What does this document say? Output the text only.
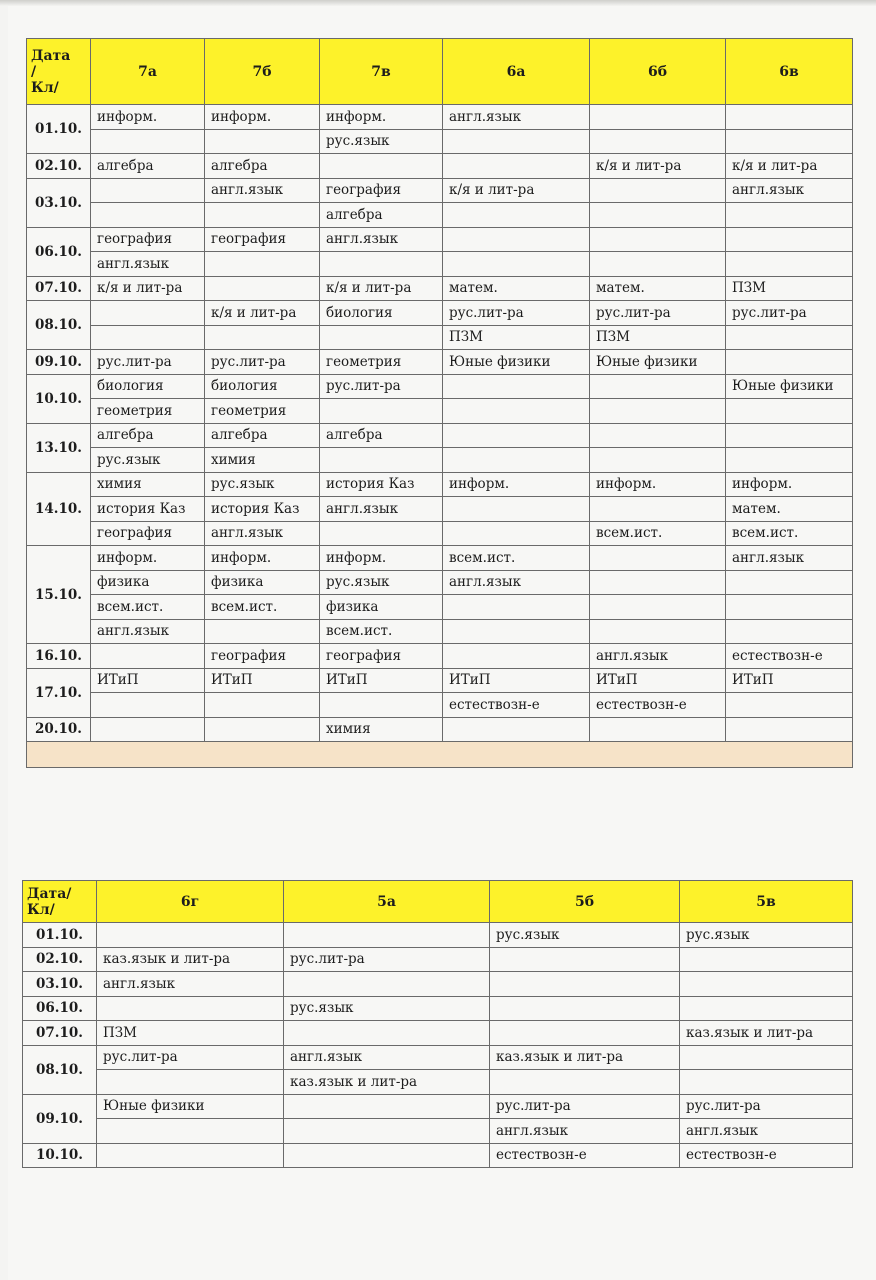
Дата
/
Кл/	7а	7б	7в	6а	6б	6в
01.10.	информ.	информ.	информ.	англ.язык		
			рус.язык			
02.10.	алгебра	алгебра			к/я и лит-ра	к/я и лит-ра
03.10.		англ.язык	география	к/я и лит-ра		англ.язык
			алгебра			
06.10.	география	география	англ.язык			
	англ.язык					
07.10.	к/я и лит-ра		к/я и лит-ра	матем.	матем.	ПЗМ
08.10.		к/я и лит-ра	биология	рус.лит-ра	рус.лит-ра	рус.лит-ра
				ПЗМ	ПЗМ	
09.10.	рус.лит-ра	рус.лит-ра	геометрия	Юные физики	Юные физики	
10.10.	биология	биология	рус.лит-ра			Юные физики
	геометрия	геометрия				
13.10.	алгебра	алгебра	алгебра			
	рус.язык	химия				
14.10.	химия	рус.язык	история Каз	информ.	информ.	информ.
	история Каз	история Каз	англ.язык			матем.
	география	англ.язык			всем.ист.	всем.ист.
15.10.	информ.	информ.	информ.	всем.ист.		англ.язык
	физика	физика	рус.язык	англ.язык		
	всем.ист.	всем.ист.	физика			
	англ.язык		всем.ист.			
16.10.		география	география		англ.язык	естествозн-е
17.10.	ИТиП	ИТиП	ИТиП	ИТиП	ИТиП	ИТиП
				естествозн-е	естествозн-е	
20.10.			химия			

Дата/
Кл/	6г	5а	5б	5в
01.10.			рус.язык	рус.язык
02.10.	каз.язык и лит-ра	рус.лит-ра		
03.10.	англ.язык			
06.10.		рус.язык		
07.10.	ПЗМ			каз.язык и лит-ра
08.10.	рус.лит-ра	англ.язык	каз.язык и лит-ра	
		каз.язык и лит-ра		
09.10.	Юные физики		рус.лит-ра	рус.лит-ра
			англ.язык	англ.язык
10.10.			естествозн-е	естествозн-е
